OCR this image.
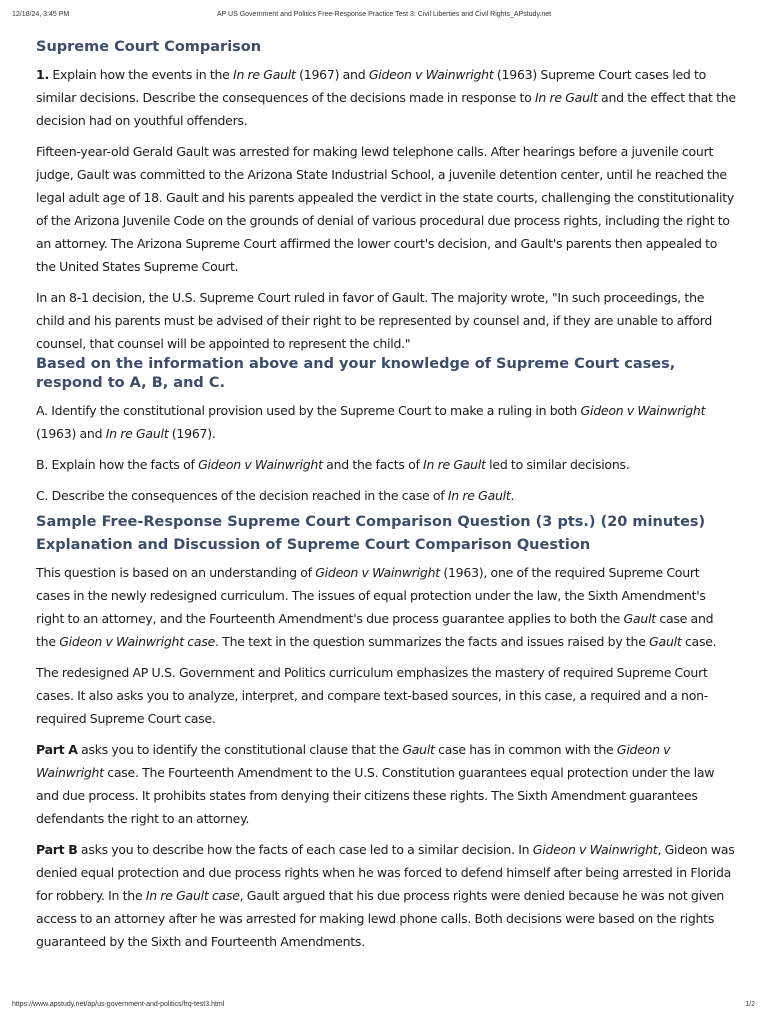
12/18/24, 3:45 PM	AP US Government and Politics Free-Response Practice Test 3: Civil Liberties and Civil Rights_APstudy.net
Supreme Court Comparison

1. Explain how the events in the In re Gault (1967) and Gideon v Wainwright (1963) Supreme Court cases led to similar decisions. Describe the consequences of the decisions made in response to In re Gault and the effect that the decision had on youthful offenders.

Fifteen-year-old Gerald Gault was arrested for making lewd telephone calls. After hearings before a juvenile court judge, Gault was committed to the Arizona State Industrial School, a juvenile detention center, until he reached the legal adult age of 18. Gault and his parents appealed the verdict in the state courts, challenging the constitutionality of the Arizona Juvenile Code on the grounds of denial of various procedural due process rights, including the right to an attorney. The Arizona Supreme Court affirmed the lower court's decision, and Gault's parents then appealed to the United States Supreme Court.

In an 8-1 decision, the U.S. Supreme Court ruled in favor of Gault. The majority wrote, "In such proceedings, the child and his parents must be advised of their right to be represented by counsel and, if they are unable to afford counsel, that counsel will be appointed to represent the child."

Based on the information above and your knowledge of Supreme Court cases, respond to A, B, and C.

A. Identify the constitutional provision used by the Supreme Court to make a ruling in both Gideon v Wainwright (1963) and In re Gault (1967).

B. Explain how the facts of Gideon v Wainwright and the facts of In re Gault led to similar decisions.

C. Describe the consequences of the decision reached in the case of In re Gault.

Sample Free-Response Supreme Court Comparison Question (3 pts.) (20 minutes)
Explanation and Discussion of Supreme Court Comparison Question

This question is based on an understanding of Gideon v Wainwright (1963), one of the required Supreme Court cases in the newly redesigned curriculum. The issues of equal protection under the law, the Sixth Amendment's right to an attorney, and the Fourteenth Amendment's due process guarantee applies to both the Gault case and the Gideon v Wainwright case. The text in the question summarizes the facts and issues raised by the Gault case.

The redesigned AP U.S. Government and Politics curriculum emphasizes the mastery of required Supreme Court cases. It also asks you to analyze, interpret, and compare text-based sources, in this case, a required and a non-required Supreme Court case.

Part A asks you to identify the constitutional clause that the Gault case has in common with the Gideon v Wainwright case. The Fourteenth Amendment to the U.S. Constitution guarantees equal protection under the law and due process. It prohibits states from denying their citizens these rights. The Sixth Amendment guarantees defendants the right to an attorney.

Part B asks you to describe how the facts of each case led to a similar decision. In Gideon v Wainwright, Gideon was denied equal protection and due process rights when he was forced to defend himself after being arrested in Florida for robbery. In the In re Gault case, Gault argued that his due process rights were denied because he was not given access to an attorney after he was arrested for making lewd phone calls. Both decisions were based on the rights guaranteed by the Sixth and Fourteenth Amendments.

https://www.apstudy.net/ap/us-government-and-politics/frq-test3.html	1/2
